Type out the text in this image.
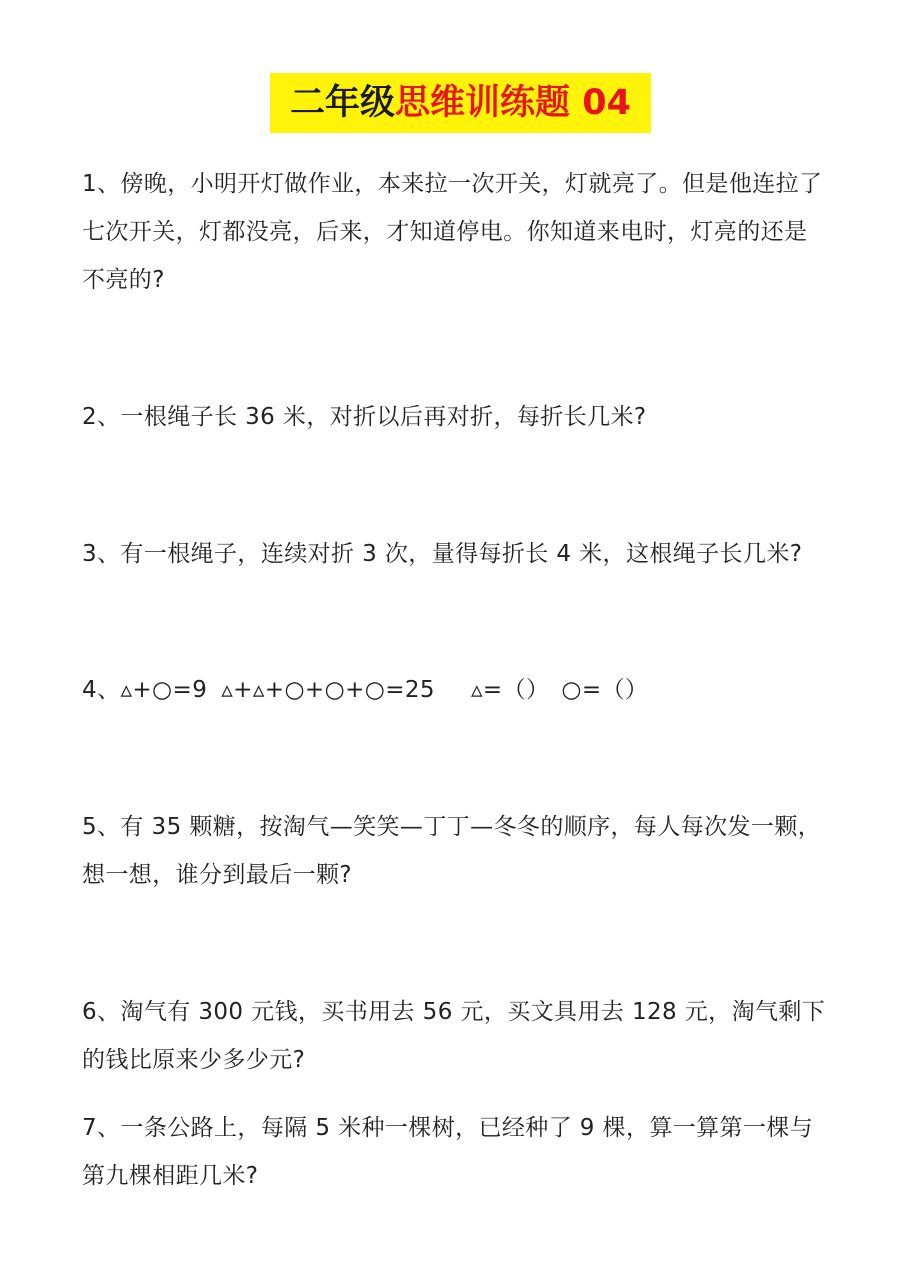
二年级 思维训练题 04

1、傍晚，小明开灯做作业，本来拉一次开关，灯就亮了。但是他连拉了七次开关，灯都没亮，后来，才知道停电。你知道来电时，灯亮的还是不亮的?

2、一根绳子长 36 米，对折以后再对折，每折长几米?

3、有一根绳子，连续对折 3 次，量得每折长 4 米，这根绳子长几米?

4、▵+○=9 ▵+▵+○+○+○=25 ▵=（） ○=（）

5、有 35 颗糖，按淘气—笑笑—丁丁—冬冬的顺序，每人每次发一颗，想一想，谁分到最后一颗?

6、淘气有 300 元钱，买书用去 56 元，买文具用去 128 元，淘气剩下的钱比原来少多少元?

7、一条公路上，每隔 5 米种一棵树，已经种了 9 棵，算一算第一棵与第九棵相距几米?
